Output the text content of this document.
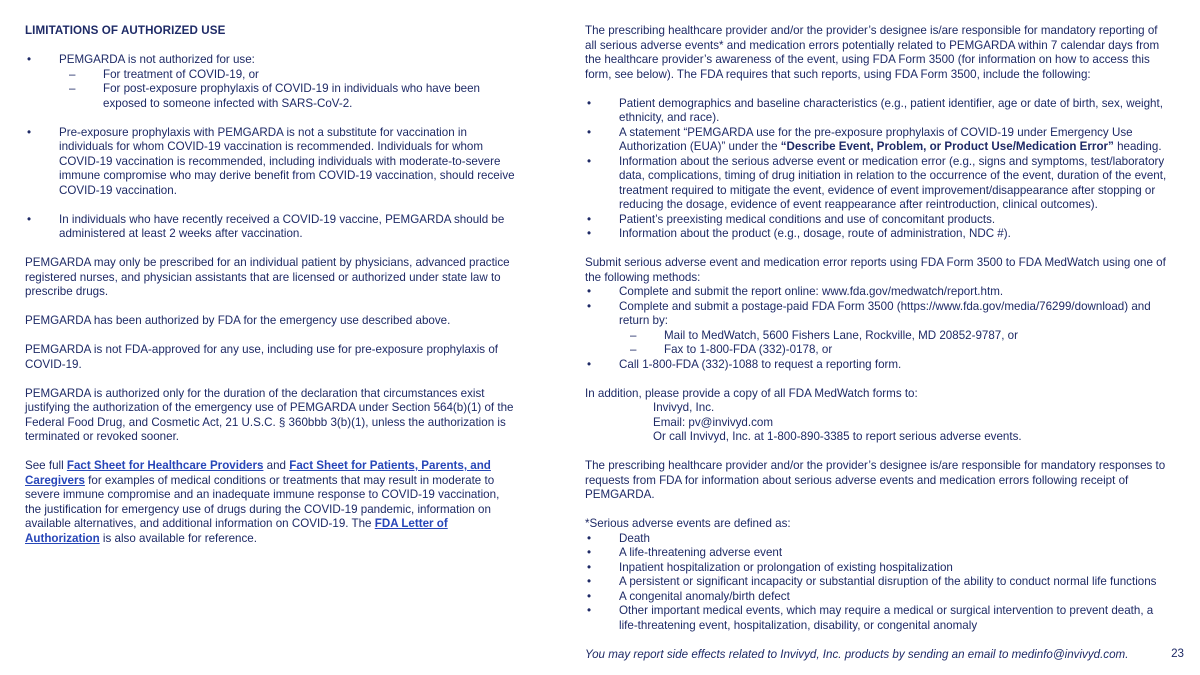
LIMITATIONS OF AUTHORIZED USE
• PEMGARDA is not authorized for use:
– For treatment of COVID-19, or
– For post-exposure prophylaxis of COVID-19 in individuals who have been exposed to someone infected with SARS-CoV-2.
• Pre-exposure prophylaxis with PEMGARDA is not a substitute for vaccination in individuals for whom COVID-19 vaccination is recommended. Individuals for whom COVID-19 vaccination is recommended, including individuals with moderate-to-severe immune compromise who may derive benefit from COVID-19 vaccination, should receive COVID-19 vaccination.
• In individuals who have recently received a COVID-19 vaccine, PEMGARDA should be administered at least 2 weeks after vaccination.
PEMGARDA may only be prescribed for an individual patient by physicians, advanced practice registered nurses, and physician assistants that are licensed or authorized under state law to prescribe drugs.
PEMGARDA has been authorized by FDA for the emergency use described above.
PEMGARDA is not FDA-approved for any use, including use for pre-exposure prophylaxis of COVID-19.
PEMGARDA is authorized only for the duration of the declaration that circumstances exist justifying the authorization of the emergency use of PEMGARDA under Section 564(b)(1) of the Federal Food Drug, and Cosmetic Act, 21 U.S.C. § 360bbb 3(b)(1), unless the authorization is terminated or revoked sooner.
See full Fact Sheet for Healthcare Providers and Fact Sheet for Patients, Parents, and Caregivers for examples of medical conditions or treatments that may result in moderate to severe immune compromise and an inadequate immune response to COVID-19 vaccination, the justification for emergency use of drugs during the COVID-19 pandemic, information on available alternatives, and additional information on COVID-19. The FDA Letter of Authorization is also available for reference.
The prescribing healthcare provider and/or the provider’s designee is/are responsible for mandatory reporting of all serious adverse events* and medication errors potentially related to PEMGARDA within 7 calendar days from the healthcare provider’s awareness of the event, using FDA Form 3500 (for information on how to access this form, see below). The FDA requires that such reports, using FDA Form 3500, include the following:
• Patient demographics and baseline characteristics (e.g., patient identifier, age or date of birth, sex, weight, ethnicity, and race).
• A statement “PEMGARDA use for the pre-exposure prophylaxis of COVID-19 under Emergency Use Authorization (EUA)” under the “Describe Event, Problem, or Product Use/Medication Error” heading.
• Information about the serious adverse event or medication error (e.g., signs and symptoms, test/laboratory data, complications, timing of drug initiation in relation to the occurrence of the event, duration of the event, treatment required to mitigate the event, evidence of event improvement/disappearance after stopping or reducing the dosage, evidence of event reappearance after reintroduction, clinical outcomes).
• Patient’s preexisting medical conditions and use of concomitant products.
• Information about the product (e.g., dosage, route of administration, NDC #).
Submit serious adverse event and medication error reports using FDA Form 3500 to FDA MedWatch using one of the following methods:
• Complete and submit the report online: www.fda.gov/medwatch/report.htm.
• Complete and submit a postage-paid FDA Form 3500 (https://www.fda.gov/media/76299/download) and return by:
– Mail to MedWatch, 5600 Fishers Lane, Rockville, MD 20852-9787, or
– Fax to 1-800-FDA (332)-0178, or
• Call 1-800-FDA (332)-1088 to request a reporting form.
In addition, please provide a copy of all FDA MedWatch forms to:
Invivyd, Inc.
Email: pv@invivyd.com
Or call Invivyd, Inc. at 1-800-890-3385 to report serious adverse events.
The prescribing healthcare provider and/or the provider’s designee is/are responsible for mandatory responses to requests from FDA for information about serious adverse events and medication errors following receipt of PEMGARDA.
*Serious adverse events are defined as:
• Death
• A life-threatening adverse event
• Inpatient hospitalization or prolongation of existing hospitalization
• A persistent or significant incapacity or substantial disruption of the ability to conduct normal life functions
• A congenital anomaly/birth defect
• Other important medical events, which may require a medical or surgical intervention to prevent death, a life-threatening event, hospitalization, disability, or congenital anomaly
You may report side effects related to Invivyd, Inc. products by sending an email to medinfo@invivyd.com.	23
